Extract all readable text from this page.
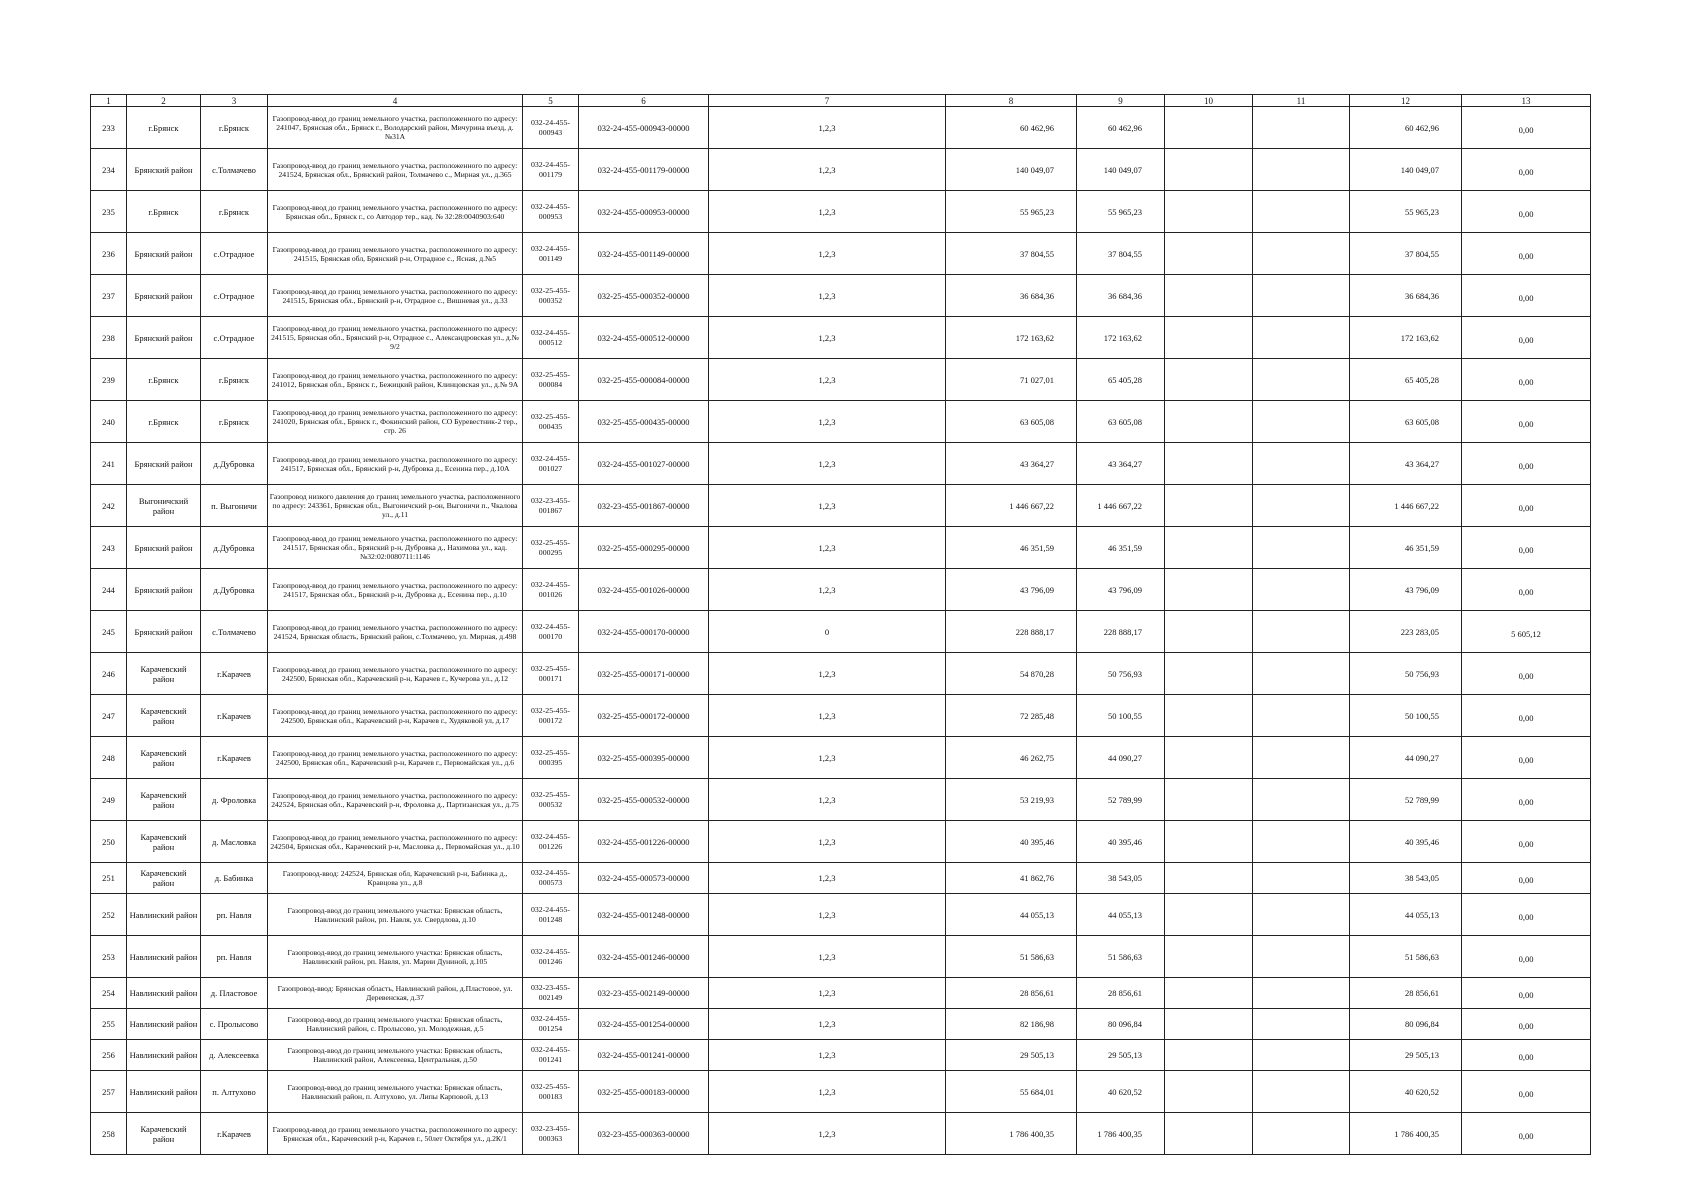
1	2	3	4	5	6	7	8	9	10	11	12	13
233	г.Брянск	г.Брянск	Газопровод-ввод до границ земельного участка, расположенного по адресу: 241047, Брянская обл., Брянск г., Володарский район, Мичурина въезд, д.№31А	032-24-455-000943	032-24-455-000943-00000	1,2,3	60 462,96	60 462,96			60 462,96	0,00
234	Брянский район	с.Толмачево	Газопровод-ввод до границ земельного участка, расположенного по адресу: 241524, Брянская обл., Брянский район, Толмачево с., Мирная ул., д.365	032-24-455-001179	032-24-455-001179-00000	1,2,3	140 049,07	140 049,07			140 049,07	0,00
235	г.Брянск	г.Брянск	Газопровод-ввод до границ земельного участка, расположенного по адресу: Брянская обл., Брянск г., со Автодор тер., кад. № 32:28:0040903:640	032-24-455-000953	032-24-455-000953-00000	1,2,3	55 965,23	55 965,23			55 965,23	0,00
236	Брянский район	с.Отрадное	Газопровод-ввод до границ земельного участка, расположенного по адресу: 241515, Брянская обл, Брянский р-н, Отрадное с., Ясная, д.№5	032-24-455-001149	032-24-455-001149-00000	1,2,3	37 804,55	37 804,55			37 804,55	0,00
237	Брянский район	с.Отрадное	Газопровод-ввод до границ земельного участка, расположенного по адресу: 241515, Брянская обл., Брянский р-н, Отрадное с., Вишневая ул., д.33	032-25-455-000352	032-25-455-000352-00000	1,2,3	36 684,36	36 684,36			36 684,36	0,00
238	Брянский район	с.Отрадное	Газопровод-ввод до границ земельного участка, расположенного по адресу: 241515, Брянская обл., Брянский р-н, Отрадное с., Александровская ул., д.№ 9/2	032-24-455-000512	032-24-455-000512-00000	1,2,3	172 163,62	172 163,62			172 163,62	0,00
239	г.Брянск	г.Брянск	Газопровод-ввод до границ земельного участка, расположенного по адресу: 241012, Брянская обл., Брянск г., Бежицкий район, Клинцовская ул., д.№ 9А	032-25-455-000084	032-25-455-000084-00000	1,2,3	71 027,01	65 405,28			65 405,28	0,00
240	г.Брянск	г.Брянск	Газопровод-ввод до границ земельного участка, расположенного по адресу: 241020, Брянская обл., Брянск г., Фокинский район, СО Буревестник-2 тер., стр. 26	032-25-455-000435	032-25-455-000435-00000	1,2,3	63 605,08	63 605,08			63 605,08	0,00
241	Брянский район	д.Дубровка	Газопровод-ввод до границ земельного участка, расположенного по адресу: 241517, Брянская обл., Брянский р-н, Дубровка д., Есенина пер., д.10А	032-24-455-001027	032-24-455-001027-00000	1,2,3	43 364,27	43 364,27			43 364,27	0,00
242	Выгоничский район	п. Выгоничи	Газопровод низкого давления до границ земельного участка, расположенного по адресу: 243361, Брянская обл., Выгоничский р-он, Выгоничи п., Чкалова ул., д.11	032-23-455-001867	032-23-455-001867-00000	1,2,3	1 446 667,22	1 446 667,22			1 446 667,22	0,00
243	Брянский район	д.Дубровка	Газопровод-ввод до границ земельного участка, расположенного по адресу: 241517, Брянская обл., Брянский р-н, Дубровка д., Нахимова ул., кад. №32:02:0080711:1146	032-25-455-000295	032-25-455-000295-00000	1,2,3	46 351,59	46 351,59			46 351,59	0,00
244	Брянский район	д.Дубровка	Газопровод-ввод до границ земельного участка, расположенного по адресу: 241517, Брянская обл., Брянский р-н, Дубровка д., Есенина пер., д.10	032-24-455-001026	032-24-455-001026-00000	1,2,3	43 796,09	43 796,09			43 796,09	0,00
245	Брянский район	с.Толмачево	Газопровод-ввод до границ земельного участка, расположенного по адресу: 241524, Брянская область, Брянский район, с.Толмачево, ул. Мирная, д.498	032-24-455-000170	032-24-455-000170-00000	0	228 888,17	228 888,17			223 283,05	5 605,12
246	Карачевский район	г.Карачев	Газопровод-ввод до границ земельного участка, расположенного по адресу: 242500, Брянская обл., Карачевский р-н, Карачев г., Кучерова ул., д.12	032-25-455-000171	032-25-455-000171-00000	1,2,3	54 870,28	50 756,93			50 756,93	0,00
247	Карачевский район	г.Карачев	Газопровод-ввод до границ земельного участка, расположенного по адресу: 242500, Брянская обл., Карачевский р-н, Карачев г., Худяковой ул, д.17	032-25-455-000172	032-25-455-000172-00000	1,2,3	72 285,48	50 100,55			50 100,55	0,00
248	Карачевский район	г.Карачев	Газопровод-ввод до границ земельного участка, расположенного по адресу: 242500, Брянская обл., Карачевский р-н, Карачев г., Первомайская ул., д.6	032-25-455-000395	032-25-455-000395-00000	1,2,3	46 262,75	44 090,27			44 090,27	0,00
249	Карачевский район	д. Фроловка	Газопровод-ввод до границ земельного участка, расположенного по адресу: 242524, Брянская обл., Карачевский р-н, Фроловка д., Партизанская ул., д.75	032-25-455-000532	032-25-455-000532-00000	1,2,3	53 219,93	52 789,99			52 789,99	0,00
250	Карачевский район	д. Масловка	Газопровод-ввод до границ земельного участка, расположенного по адресу: 242504, Брянская обл., Карачевский р-н, Масловка д., Первомайская ул., д.10	032-24-455-001226	032-24-455-001226-00000	1,2,3	40 395,46	40 395,46			40 395,46	0,00
251	Карачевский район	д. Бабинка	Газопровод-ввод: 242524, Брянская обл, Карачевский р-н, Бабинка д., Кравцова ул., д.8	032-24-455-000573	032-24-455-000573-00000	1,2,3	41 862,76	38 543,05			38 543,05	0,00
252	Навлинский район	рп. Навля	Газопровод-ввод до границ земельного участка: Брянская область, Навлинский район, рп. Навля, ул. Свердлова, д.10	032-24-455-001248	032-24-455-001248-00000	1,2,3	44 055,13	44 055,13			44 055,13	0,00
253	Навлинский район	рп. Навля	Газопровод-ввод до границ земельного участка: Брянская область, Навлинский район, рп. Навля, ул. Марии Дуниной, д.105	032-24-455-001246	032-24-455-001246-00000	1,2,3	51 586,63	51 586,63			51 586,63	0,00
254	Навлинский район	д. Пластовое	Газопровод-ввод: Брянская область, Навлинский район, д.Пластовое, ул. Деревенская, д.37	032-23-455-002149	032-23-455-002149-00000	1,2,3	28 856,61	28 856,61			28 856,61	0,00
255	Навлинский район	с. Пролысово	Газопровод-ввод до границ земельного участка: Брянская область, Навлинский район, с. Пролысово, ул. Молодежная, д.5	032-24-455-001254	032-24-455-001254-00000	1,2,3	82 186,98	80 096,84			80 096,84	0,00
256	Навлинский район	д. Алексеевка	Газопровод-ввод до границ земельного участка: Брянская область, Навлинский район, Алексеевка, Центральная, д.50	032-24-455-001241	032-24-455-001241-00000	1,2,3	29 505,13	29 505,13			29 505,13	0,00
257	Навлинский район	п. Алтухово	Газопровод-ввод до границ земельного участка: Брянская область, Навлинский район, п. Алтухово, ул. Липы Карповой, д.13	032-25-455-000183	032-25-455-000183-00000	1,2,3	55 684,01	40 620,52			40 620,52	0,00
258	Карачевский район	г.Карачев	Газопровод-ввод до границ земельного участка, расположенного по адресу: Брянская обл., Карачевский р-н, Карачев г., 50лет Октября ул., д.2К/1	032-23-455-000363	032-23-455-000363-00000	1,2,3	1 786 400,35	1 786 400,35			1 786 400,35	0,00
